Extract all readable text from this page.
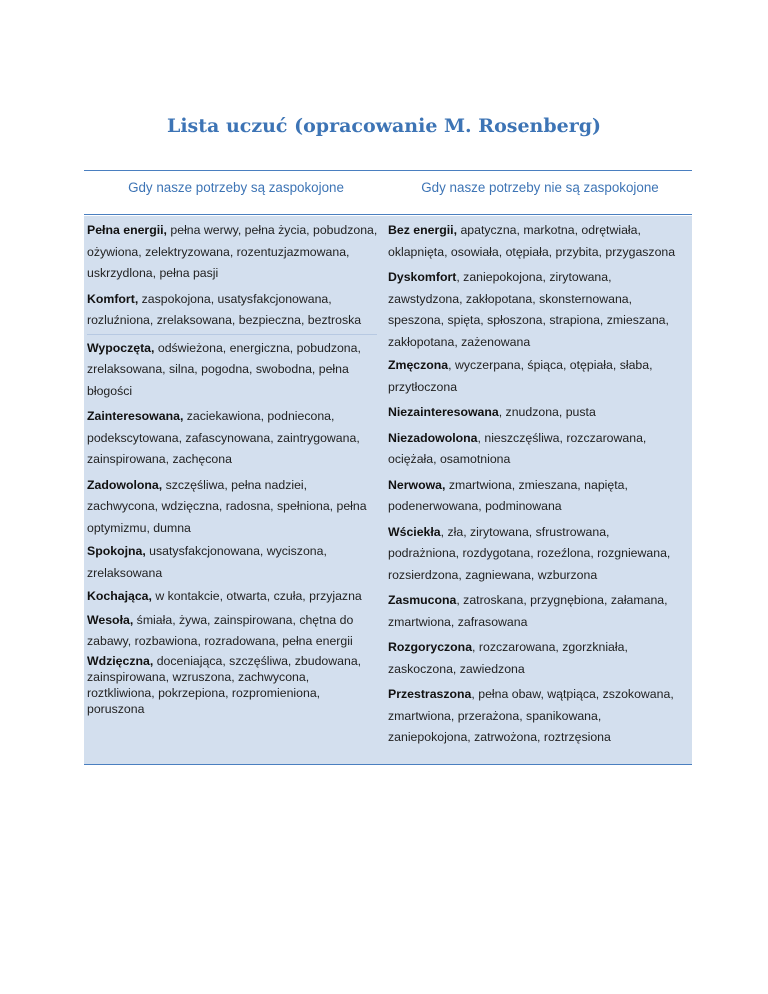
Lista uczuć (opracowanie M. Rosenberg)
Gdy nasze potrzeby są zaspokojone	Gdy nasze potrzeby nie są zaspokojone

Pełna energii, pełna werwy, pełna życia, pobudzona, ożywiona, zelektryzowana, rozentuzjazmowana, uskrzydlona, pełna pasji

Komfort, zaspokojona, usatysfakcjonowana, rozluźniona, zrelaksowana, bezpieczna, beztroska

Wypoczęta, odświeżona, energiczna, pobudzona, zrelaksowana, silna, pogodna, swobodna, pełna błogości

Zainteresowana, zaciekawiona, podniecona, podekscytowana, zafascynowana, zaintrygowana, zainspirowana, zachęcona

Zadowolona, szczęśliwa, pełna nadziei, zachwycona, wdzięczna, radosna, spełniona, pełna optymizmu, dumna

Spokojna, usatysfakcjonowana, wyciszona, zrelaksowana

Kochająca, w kontakcie, otwarta, czuła, przyjazna

Wesoła, śmiała, żywa, zainspirowana, chętna do zabawy, rozbawiona, rozradowana, pełna energii

Wdzięczna, doceniająca, szczęśliwa, zbudowana, zainspirowana, wzruszona, zachwycona, roztkliwiona, pokrzepiona, rozpromieniona, poruszona

Bez energii, apatyczna, markotna, odrętwiała, oklapnięta, osowiała, otępiała, przybita, przygaszona

Dyskomfort, zaniepokojona, zirytowana, zawstydzona, zakłopotana, skonsternowana, speszona, spięta, spłoszona, strapiona, zmieszana, zakłopotana, zażenowana

Zmęczona, wyczerpana, śpiąca, otępiała, słaba, przytłoczona

Niezainteresowana, znudzona, pusta

Niezadowolona, nieszczęśliwa, rozczarowana, ociężała, osamotniona

Nerwowa, zmartwiona, zmieszana, napięta, podenerwowana, podminowana

Wściekła, zła, zirytowana, sfrustrowana, podrażniona, rozdygotana, rozeźlona, rozgniewana, rozsierdzona, zagniewana, wzburzona

Zasmucona, zatroskana, przygnębiona, załamana, zmartwiona, zafrasowana

Rozgoryczona, rozczarowana, zgorzkniała, zaskoczona, zawiedzona

Przestraszona, pełna obaw, wątpiąca, zszokowana, zmartwiona, przerażona, spanikowana, zaniepokojona, zatrwożona, roztrzęsiona
